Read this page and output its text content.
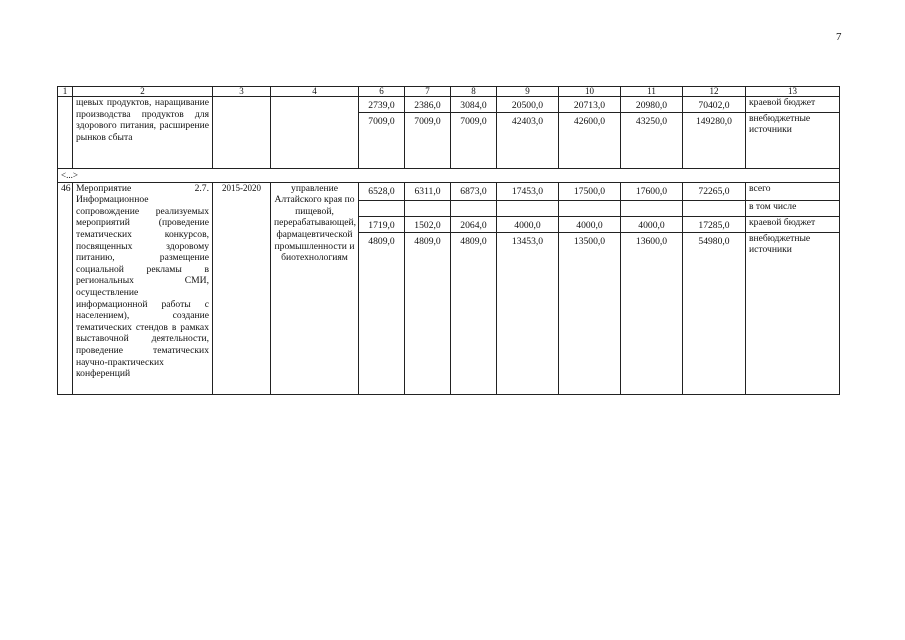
7
1	2	3	4	6	7	8	9	10	11	12	13
	щевых продуктов, наращивание производства продуктов для здорового питания, расширение рынков сбыта			2739,0	2386,0	3084,0	20500,0	20713,0	20980,0	70402,0	краевой бюджет
				7009,0	7009,0	7009,0	42403,0	42600,0	43250,0	149280,0	внебюджетные источники
<...>											
46	Мероприятие 2.7. Информационное сопровождение реализуемых мероприятий (проведение тематических конкурсов, посвященных здоровому питанию, размещение социальной рекламы в региональных СМИ, осуществление информационной работы с населением), создание тематических стендов в рамках выставочной деятельности, проведение тематических научно-практических конференций	2015-2020	управление Алтайского края по пищевой, перерабатывающей, фармацевтической промышленности и биотехнологиям	6528,0	6311,0	6873,0	17453,0	17500,0	17600,0	72265,0	всего
											в том числе
				1719,0	1502,0	2064,0	4000,0	4000,0	4000,0	17285,0	краевой бюджет
				4809,0	4809,0	4809,0	13453,0	13500,0	13600,0	54980,0	внебюджетные источники
